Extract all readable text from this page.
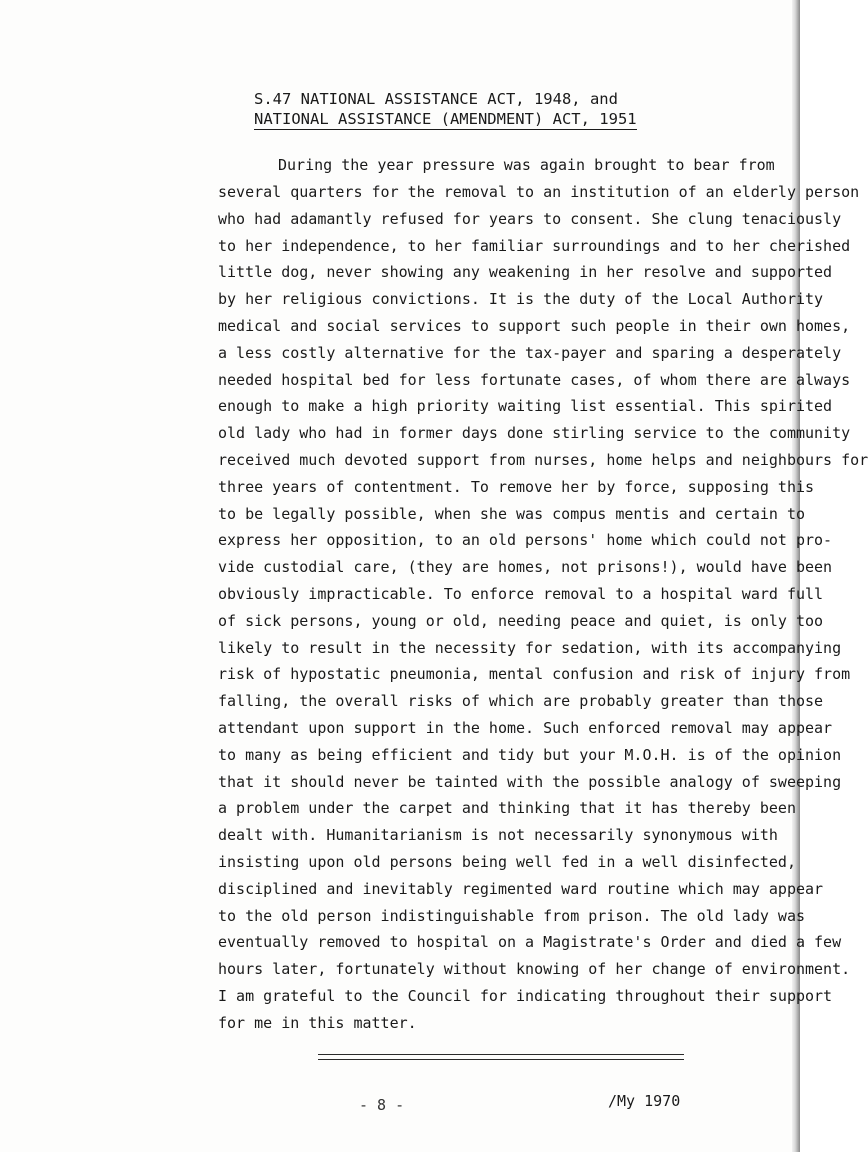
S.47 NATIONAL ASSISTANCE ACT, 1948, and
NATIONAL ASSISTANCE (AMENDMENT) ACT, 1951
During the year pressure was again brought to bear from
several quarters for the removal to an institution of an elderly person
who had adamantly refused for years to consent. She clung tenaciously
to her independence, to her familiar surroundings and to her cherished
little dog, never showing any weakening in her resolve and supported
by her religious convictions. It is the duty of the Local Authority
medical and social services to support such people in their own homes,
a less costly alternative for the tax-payer and sparing a desperately
needed hospital bed for less fortunate cases, of whom there are always
enough to make a high priority waiting list essential. This spirited
old lady who had in former days done stirling service to the community
received much devoted support from nurses, home helps and neighbours for
three years of contentment. To remove her by force, supposing this
to be legally possible, when she was compus mentis and certain to
express her opposition, to an old persons' home which could not pro-
vide custodial care, (they are homes, not prisons!), would have been
obviously impracticable. To enforce removal to a hospital ward full
of sick persons, young or old, needing peace and quiet, is only too
likely to result in the necessity for sedation, with its accompanying
risk of hypostatic pneumonia, mental confusion and risk of injury from
falling, the overall risks of which are probably greater than those
attendant upon support in the home. Such enforced removal may appear
to many as being efficient and tidy but your M.O.H. is of the opinion
that it should never be tainted with the possible analogy of sweeping
a problem under the carpet and thinking that it has thereby been
dealt with. Humanitarianism is not necessarily synonymous with
insisting upon old persons being well fed in a well disinfected,
disciplined and inevitably regimented ward routine which may appear
to the old person indistinguishable from prison. The old lady was
eventually removed to hospital on a Magistrate's Order and died a few
hours later, fortunately without knowing of her change of environment.
I am grateful to the Council for indicating throughout their support
for me in this matter.
- 8 -	/My 1970
